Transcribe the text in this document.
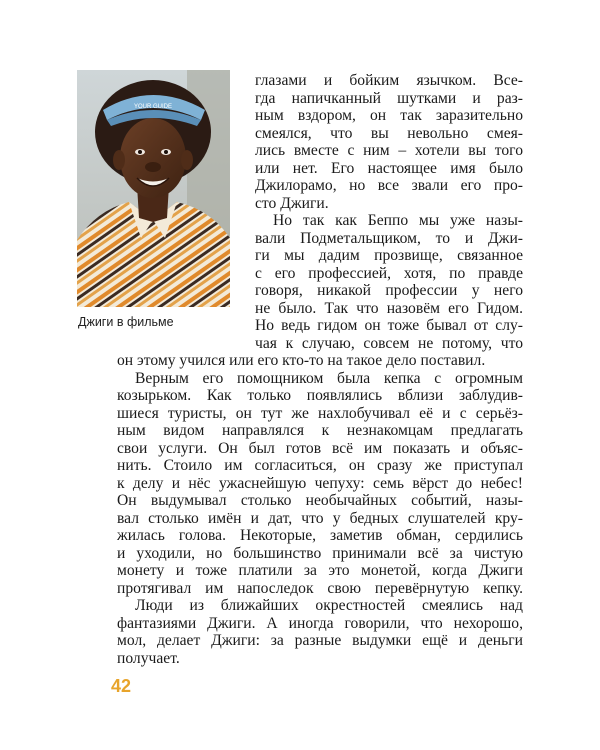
YOUR GUIDE
Джиги в фильме
глазами и бойким язычком. Все-
гда напичканный шутками и раз-
ным вздором, он так заразительно
смеялся, что вы невольно смея-
лись вместе с ним – хотели вы того
или нет. Его настоящее имя было
Джилорамо, но все звали его про-
сто Джиги.
Но так как Беппо мы уже назы-
вали Подметальщиком, то и Джи-
ги мы дадим прозвище, связанное
с его профессией, хотя, по правде
говоря, никакой профессии у него
не было. Так что назовём его Гидом.
Но ведь гидом он тоже бывал от слу-
чая к случаю, совсем не потому, что
он этому учился или его кто-то на такое дело поставил.
Верным его помощником была кепка с огромным
козырьком. Как только появлялись вблизи заблудив-
шиеся туристы, он тут же нахлобучивал её и с серьёз-
ным видом направлялся к незнакомцам предлагать
свои услуги. Он был готов всё им показать и объяс-
нить. Стоило им согласиться, он сразу же приступал
к делу и нёс ужаснейшую чепуху: семь вёрст до небес!
Он выдумывал столько необычайных событий, назы-
вал столько имён и дат, что у бедных слушателей кру-
жилась голова. Некоторые, заметив обман, сердились
и уходили, но большинство принимали всё за чистую
монету и тоже платили за это монетой, когда Джиги
протягивал им напоследок свою перевёрнутую кепку.
Люди из ближайших окрестностей смеялись над
фантазиями Джиги. А иногда говорили, что нехорошо,
42
мол, делает Джиги: за разные выдумки ещё и деньги
получает.
